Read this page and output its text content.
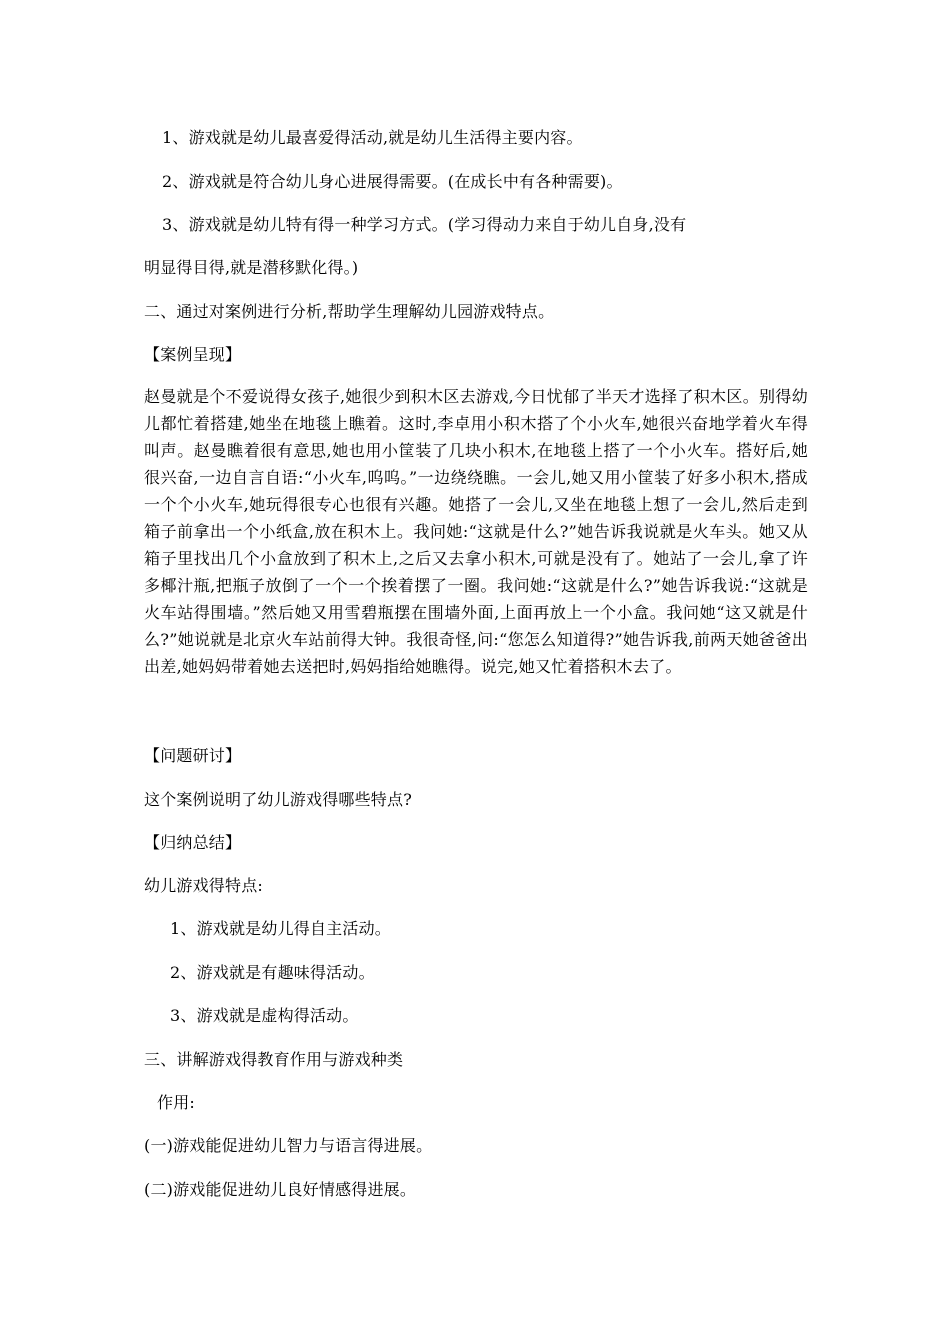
1、游戏就是幼儿最喜爱得活动,就是幼儿生活得主要内容。
2、游戏就是符合幼儿身心进展得需要。(在成长中有各种需要)。
3、游戏就是幼儿特有得一种学习方式。(学习得动力来自于幼儿自身,没有
明显得目得,就是潜移默化得。)
二、通过对案例进行分析,帮助学生理解幼儿园游戏特点。
【案例呈现】
赵曼就是个不爱说得女孩子,她很少到积木区去游戏,今日忧郁了半天才选择了积木区。别得幼儿都忙着搭建,她坐在地毯上瞧着。这时,李卓用小积木搭了个小火车,她很兴奋地学着火车得叫声。赵曼瞧着很有意思,她也用小筐装了几块小积木,在地毯上搭了一个小火车。搭好后,她很兴奋,一边自言自语:“小火车,呜呜。”一边绕绕瞧。一会儿,她又用小筐装了好多小积木,搭成一个个小火车,她玩得很专心也很有兴趣。她搭了一会儿,又坐在地毯上想了一会儿,然后走到箱子前拿出一个小纸盒,放在积木上。我问她:“这就是什么?”她告诉我说就是火车头。她又从箱子里找出几个小盒放到了积木上,之后又去拿小积木,可就是没有了。她站了一会儿,拿了许多椰汁瓶,把瓶子放倒了一个一个挨着摆了一圈。我问她:“这就是什么?”她告诉我说:“这就是火车站得围墙。”然后她又用雪碧瓶摆在围墙外面,上面再放上一个小盒。我问她“这又就是什么?”她说就是北京火车站前得大钟。我很奇怪,问:“您怎么知道得?”她告诉我,前两天她爸爸出出差,她妈妈带着她去送把时,妈妈指给她瞧得。说完,她又忙着搭积木去了。
【问题研讨】
这个案例说明了幼儿游戏得哪些特点?
【归纳总结】
幼儿游戏得特点:
1、游戏就是幼儿得自主活动。
2、游戏就是有趣味得活动。
3、游戏就是虚构得活动。
三、讲解游戏得教育作用与游戏种类
作用:
(一)游戏能促进幼儿智力与语言得进展。
(二)游戏能促进幼儿良好情感得进展。
